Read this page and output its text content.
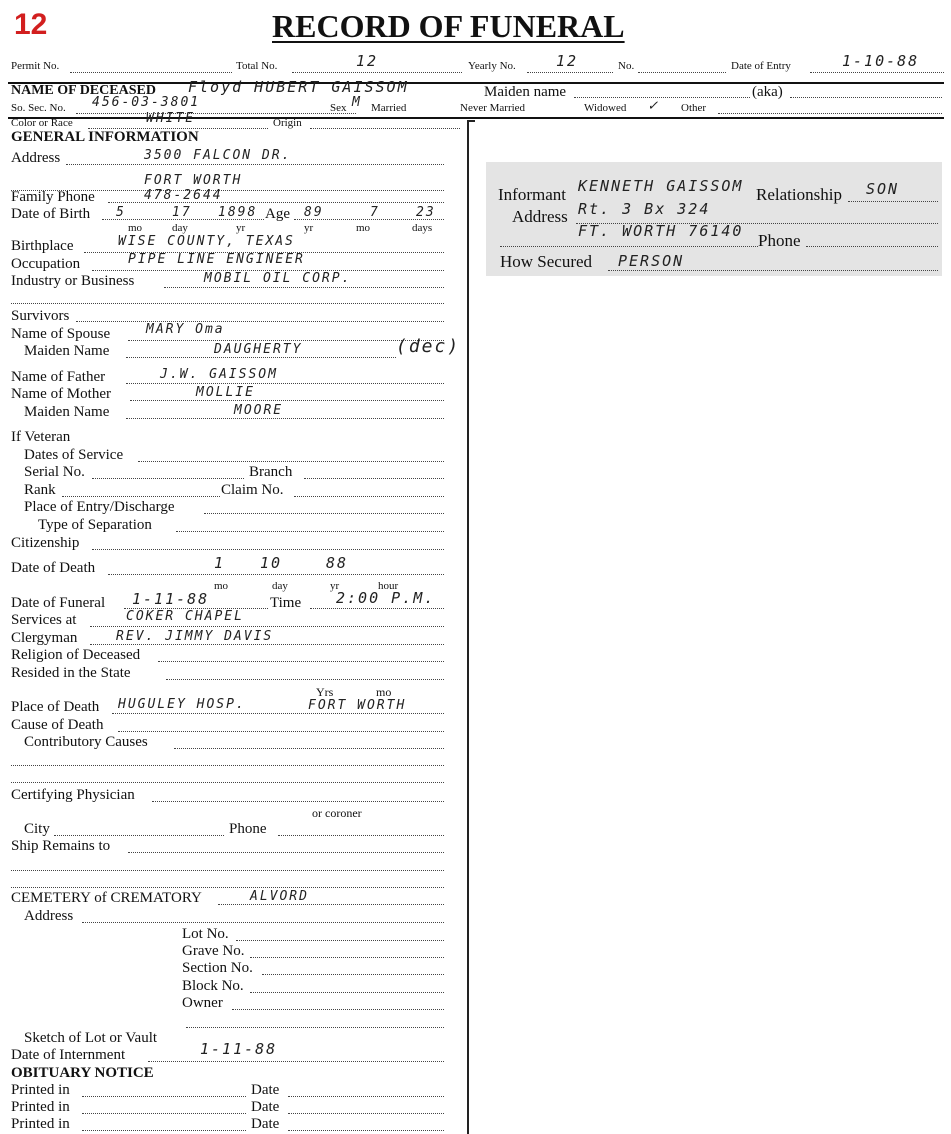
12	RECORD OF FUNERAL
Permit No.	Total No.	12	Yearly No.	12	No.	Date of Entry	1-10-88
NAME OF DECEASED Floyd HUBERT GAISSOM	Maiden name	(aka)
So. Sec. No. 456-03-3801	Sex M Married	Never Married	Widowed ✓ Other
Color or Race	WHITE	Origin
GENERAL INFORMATION
Address	3500 FALCON DR.
FORT WORTH
Family Phone	478-2644
Date of Birth 5	17 1898 Age 89	7	23
mo	day	yr	yr	mo	days
Birthplace	WISE COUNTY, TEXAS
Occupation	PIPE LINE ENGINEER
Industry or Business	MOBIL OIL CORP.
Survivors
Name of Spouse	MARY Oma
Maiden Name	DAUGHERTY	(dec)
Name of Father	J.W. GAISSOM
Name of Mother	MOLLIE
Maiden Name	MOORE
If Veteran
Dates of Service
Serial No.	Branch
Rank	Claim No.
Place of Entry/Discharge
Type of Separation
Citizenship
Date of Death	1 10	88
mo	day	yr	hour
Date of Funeral 1-11-88	Time 2:00 P.M.
Services at	COKER CHAPEL
Clergyman	REV. JIMMY DAVIS
Religion of Deceased
Resided in the State
Yrs	mo
Place of Death HUGULEY HOSP.	FORT WORTH
Cause of Death
Contributory Causes
Certifying Physician
or coroner
City	Phone
Ship Remains to
CEMETERY of CREMATORY	ALVORD
Address
Lot No.
Grave No.
Section No.
Block No.
Owner
Sketch of Lot or Vault
Date of Internment	1-11-88
OBITUARY NOTICE
Printed in	Date
Printed in	Date
Printed in	Date
Informant KENNETH GAISSOM Relationship SON
Address Rt. 3 Bx 324
FT. WORTH 76140 Phone
How Secured PERSON
